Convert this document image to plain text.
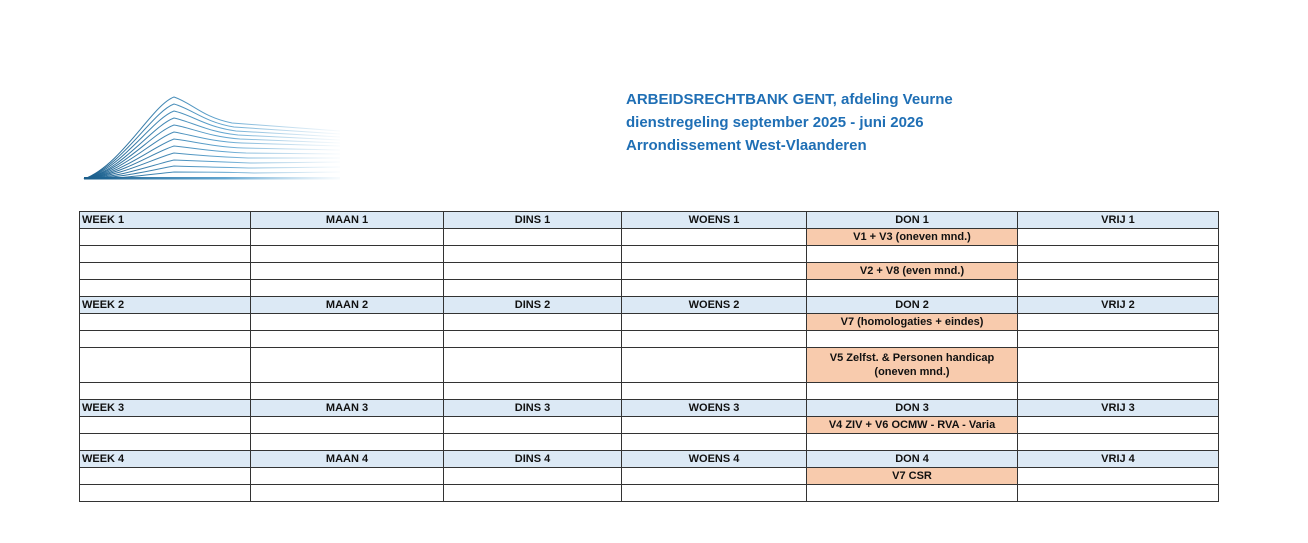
ARBEIDSRECHTBANK GENT, afdeling Veurne
dienstregeling september 2025 - juni 2026
Arrondissement West-Vlaanderen
WEEK 1	MAAN 1	DINS 1	WOENS 1	DON 1	VRIJ 1
				V1 + V3 (oneven mnd.)	

				V2 + V8 (even mnd.)	

WEEK 2	MAAN 2	DINS 2	WOENS 2	DON 2	VRIJ 2
				V7 (homologaties + eindes)	

				V5 Zelfst. & Personen handicap (oneven mnd.)	

WEEK 3	MAAN 3	DINS 3	WOENS 3	DON 3	VRIJ 3
				V4 ZIV + V6 OCMW - RVA - Varia	

WEEK 4	MAAN 4	DINS 4	WOENS 4	DON 4	VRIJ 4
				V7 CSR	
